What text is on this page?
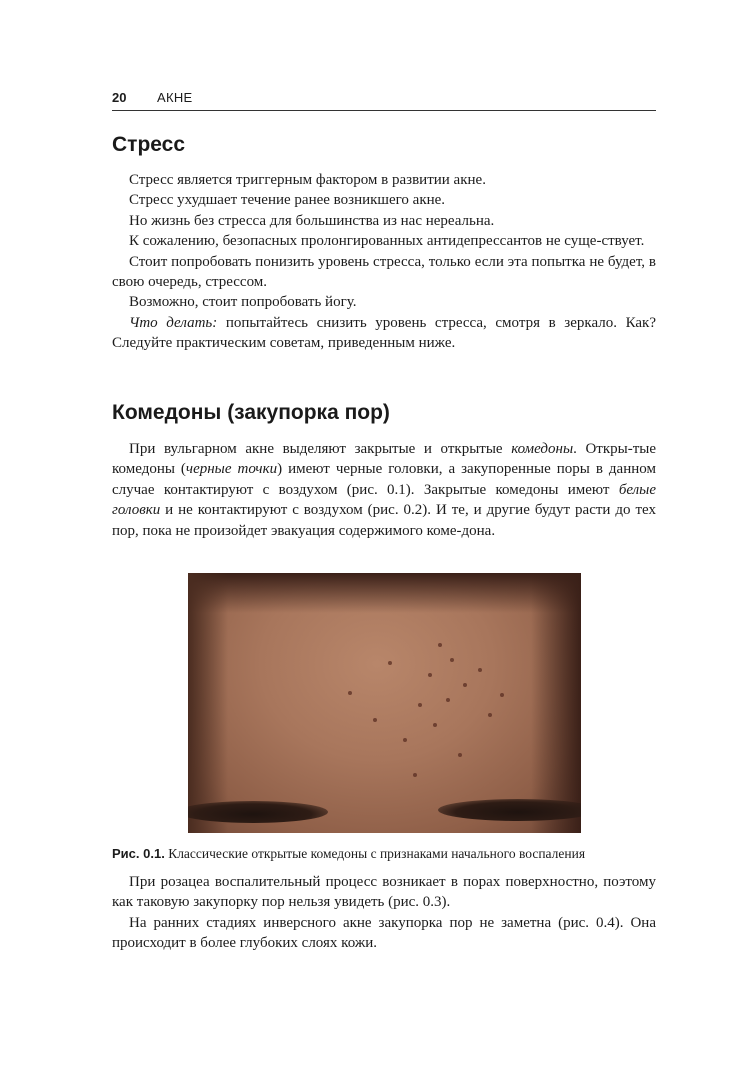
20 АКНЕ
Стресс
Стресс является триггерным фактором в развитии акне.
Стресс ухудшает течение ранее возникшего акне.
Но жизнь без стресса для большинства из нас нереальна.
К сожалению, безопасных пролонгированных антидепрессантов не суще-ствует.
Стоит попробовать понизить уровень стресса, только если эта попытка не будет, в свою очередь, стрессом.
Возможно, стоит попробовать йогу.
Что делать: попытайтесь снизить уровень стресса, смотря в зеркало. Как? Следуйте практическим советам, приведенным ниже.
Комедоны (закупорка пор)
При вульгарном акне выделяют закрытые и открытые комедоны. Откры-тые комедоны (черные точки) имеют черные головки, а закупоренные поры в данном случае контактируют с воздухом (рис. 0.1). Закрытые комедоны имеют белые головки и не контактируют с воздухом (рис. 0.2). И те, и другие будут расти до тех пор, пока не произойдет эвакуация содержимого коме-дона.
Рис. 0.1. Классические открытые комедоны с признаками начального воспаления
При розацеа воспалительный процесс возникает в порах поверхностно, поэтому как таковую закупорку пор нельзя увидеть (рис. 0.3).
На ранних стадиях инверсного акне закупорка пор не заметна (рис. 0.4). Она происходит в более глубоких слоях кожи.
